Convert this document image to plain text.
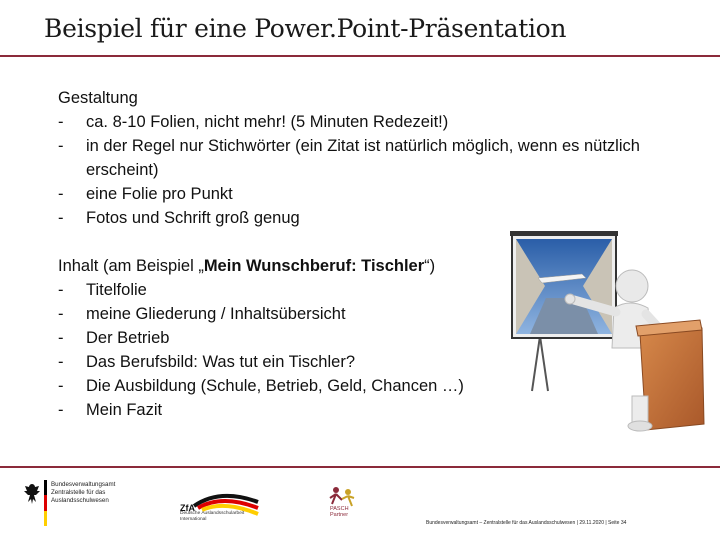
Beispiel für eine Power.Point-Präsentation
Gestaltung
- ca. 8-10 Folien, nicht mehr! (5 Minuten Redezeit!)
- in der Regel nur Stichwörter (ein Zitat ist natürlich möglich, wenn es nützlich erscheint)
- eine Folie pro Punkt
- Fotos und Schrift groß genug
Inhalt (am Beispiel „Mein Wunschberuf: Tischler“)
- Titelfolie
- meine Gliederung / Inhaltsübersicht
- Der Betrieb
- Das Berufsbild: Was tut ein Tischler?
- Die Ausbildung (Schule, Betrieb, Geld, Chancen …)
- Mein Fazit
Bundesverwaltungsamt
Zentralstelle für das
Auslandsschulwesen
ZfA
Deutsche Auslandsschularbeit
International
PASCH
Partner
Bundesverwaltungsamt – Zentralstelle für das Auslandsschulwesen | 29.11.2020 | Seite 34
